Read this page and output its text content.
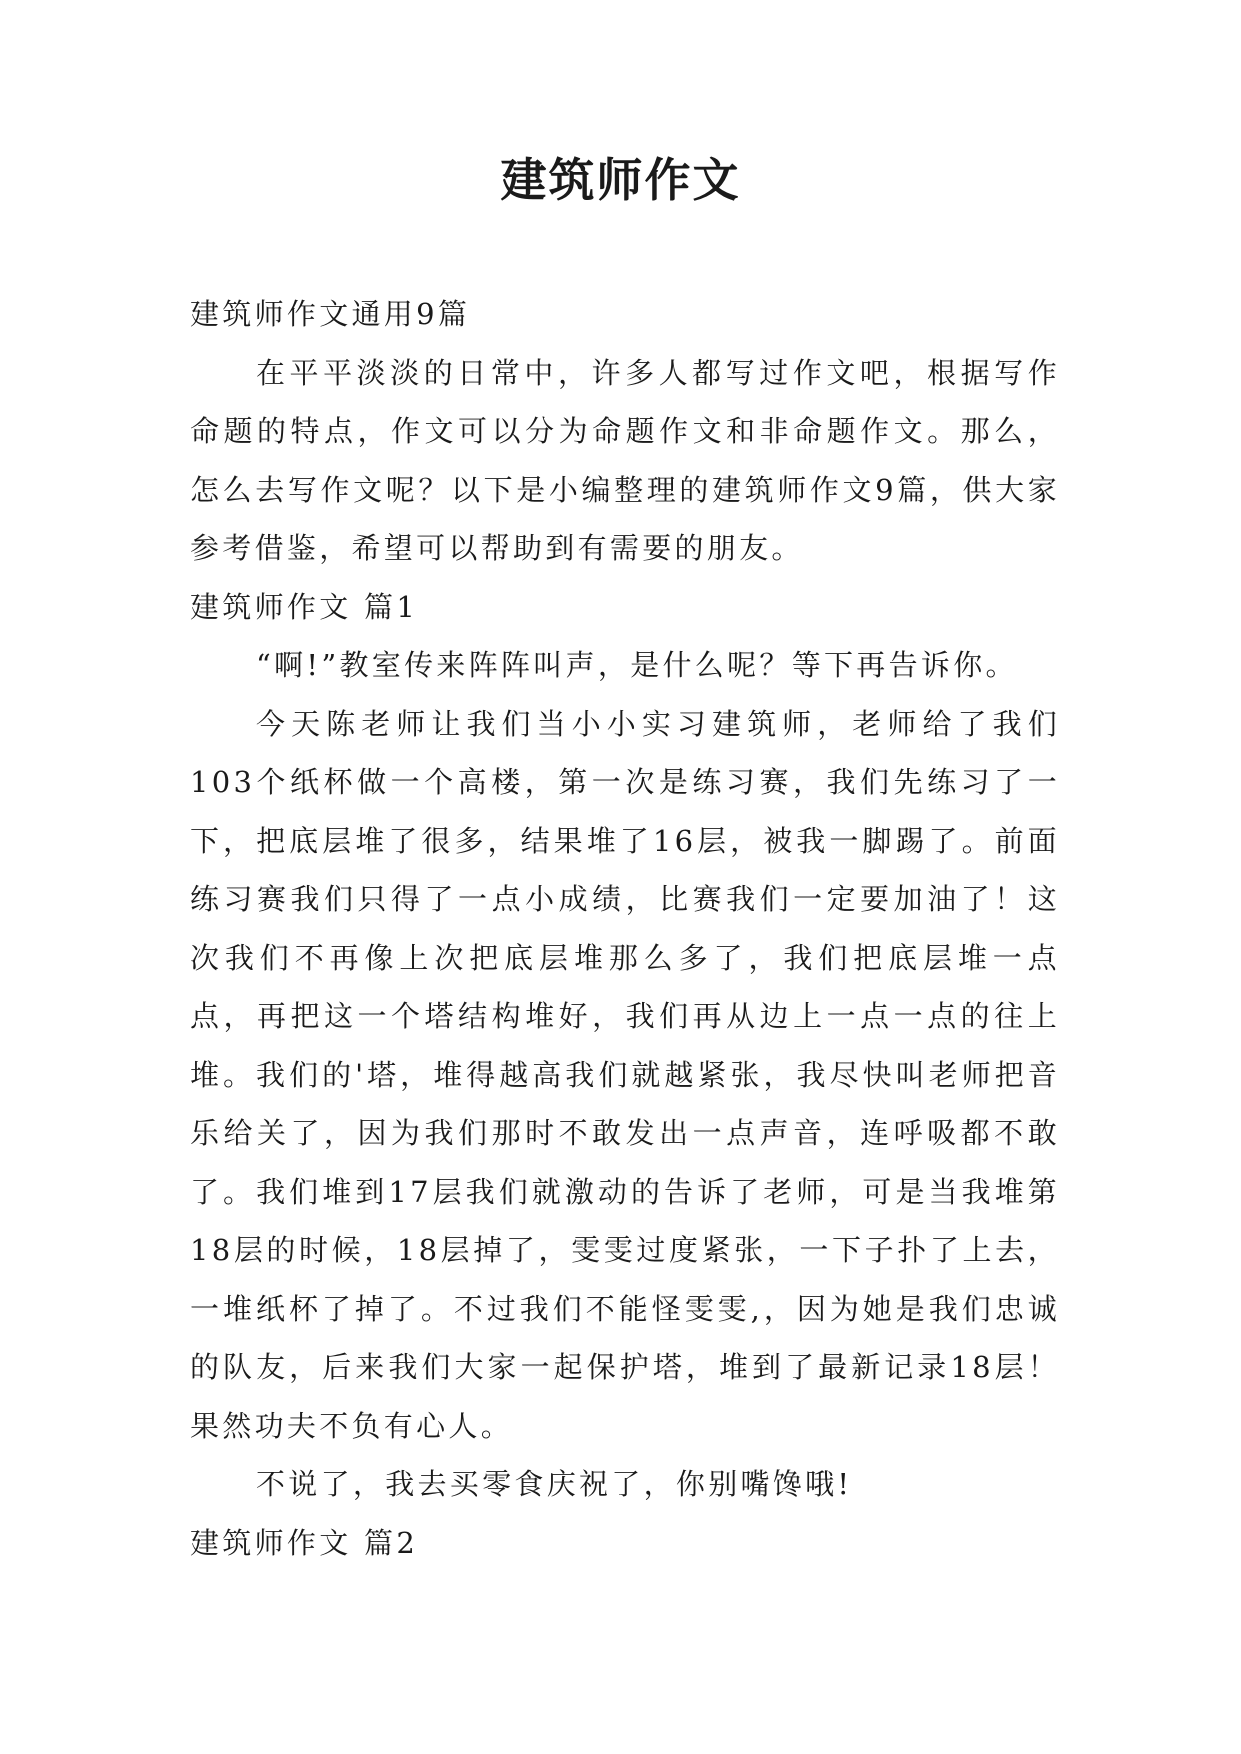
建筑师作文

建筑师作文通用9篇

在平平淡淡的日常中，许多人都写过作文吧，根据写作命题的特点，作文可以分为命题作文和非命题作文。那么，怎么去写作文呢？以下是小编整理的建筑师作文9篇，供大家参考借鉴，希望可以帮助到有需要的朋友。

建筑师作文 篇1

“啊!”教室传来阵阵叫声，是什么呢？等下再告诉你。

今天陈老师让我们当小小实习建筑师，老师给了我们103个纸杯做一个高楼，第一次是练习赛，我们先练习了一下，把底层堆了很多，结果堆了16层，被我一脚踢了。前面练习赛我们只得了一点小成绩，比赛我们一定要加油了！这次我们不再像上次把底层堆那么多了，我们把底层堆一点点，再把这一个塔结构堆好，我们再从边上一点一点的往上堆。我们的'塔，堆得越高我们就越紧张，我尽快叫老师把音乐给关了，因为我们那时不敢发出一点声音，连呼吸都不敢了。我们堆到17层我们就激动的告诉了老师，可是当我堆第18层的时候，18层掉了，雯雯过度紧张，一下子扑了上去，一堆纸杯了掉了。不过我们不能怪雯雯,，因为她是我们忠诚的队友，后来我们大家一起保护塔，堆到了最新记录18层！果然功夫不负有心人。

不说了，我去买零食庆祝了，你别嘴馋哦!

建筑师作文 篇2
